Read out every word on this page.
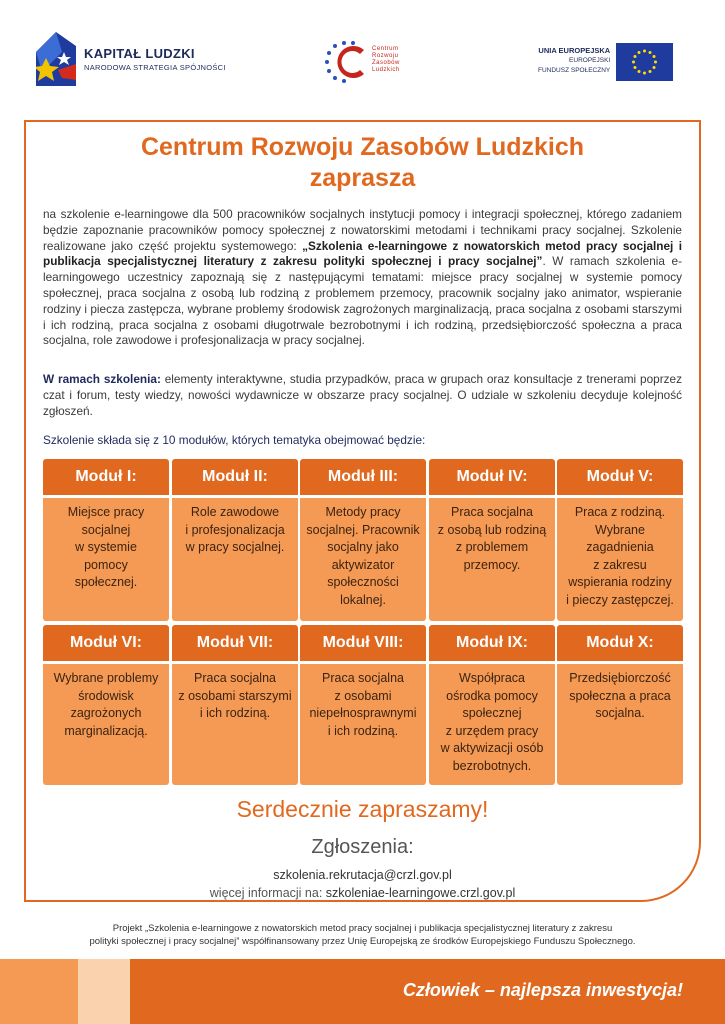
KAPITAŁ LUDZKI
NARODOWA STRATEGIA SPÓJNOŚCI
Centrum
Rozwoju
Zasobów
Ludzkich
UNIA EUROPEJSKA
EUROPEJSKI
FUNDUSZ SPOŁECZNY
Centrum Rozwoju Zasobów Ludzkich
zaprasza

na szkolenie e-learningowe dla 500 pracowników socjalnych instytucji pomocy i integracji społecznej, którego zadaniem będzie zapoznanie pracowników pomocy społecznej z nowatorskimi metodami i technikami pracy socjalnej. Szkolenie realizowane jako część projektu systemowego: „Szkolenia e-learningowe z nowatorskich metod pracy socjalnej i publikacja specjalistycznej literatury z zakresu polityki społecznej i pracy socjalnej”. W ramach szkolenia e-learningowego uczestnicy zapoznają się z następującymi tematami: miejsce pracy socjalnej w systemie pomocy społecznej, praca socjalna z osobą lub rodziną z problemem przemocy, pracownik socjalny jako animator, wspieranie rodziny i piecza zastępcza, wybrane problemy środowisk zagrożonych marginalizacją, praca socjalna z osobami starszymi i ich rodziną, praca socjalna z osobami długotrwale bezrobotnymi i ich rodziną, przedsiębiorczość społeczna a praca socjalna, role zawodowe i profesjonalizacja w pracy socjalnej.

W ramach szkolenia: elementy interaktywne, studia przypadków, praca w grupach oraz konsultacje z trenerami poprzez czat i forum, testy wiedzy, nowości wydawnicze w obszarze pracy socjalnej. O udziale w szkoleniu decyduje kolejność zgłoszeń.

Szkolenie składa się z 10 modułów, których tematyka obejmować będzie:
Moduł I:
Miejsce pracy
socjalnej
w systemie
pomocy
społecznej.
Moduł II:
Role zawodowe
i profesjonalizacja
w pracy socjalnej.
Moduł III:
Metody pracy
socjalnej. Pracownik
socjalny jako
aktywizator
społeczności
lokalnej.
Moduł IV:
Praca socjalna
z osobą lub rodziną
z problemem
przemocy.
Moduł V:
Praca z rodziną.
Wybrane
zagadnienia
z zakresu
wspierania rodziny
i pieczy zastępczej.
Moduł VI:
Wybrane problemy
środowisk
zagrożonych
marginalizacją.
Moduł VII:
Praca socjalna
z osobami starszymi
i ich rodziną.
Moduł VIII:
Praca socjalna
z osobami
niepełnosprawnymi
i ich rodziną.
Moduł IX:
Współpraca
ośrodka pomocy
społecznej
z urzędem pracy
w aktywizacji osób
bezrobotnych.
Moduł X:
Przedsiębiorczość
społeczna a praca
socjalna.
Serdecznie zapraszamy!
Zgłoszenia:
szkolenia.rekrutacja@crzl.gov.pl
więcej informacji na: szkoleniae-learningowe.crzl.gov.pl
Projekt „Szkolenia e-learningowe z nowatorskich metod pracy socjalnej i publikacja specjalistycznej literatury z zakresu
polityki społecznej i pracy socjalnej” współfinansowany przez Unię Europejską ze środków Europejskiego Funduszu Społecznego.
Człowiek – najlepsza inwestycja!
